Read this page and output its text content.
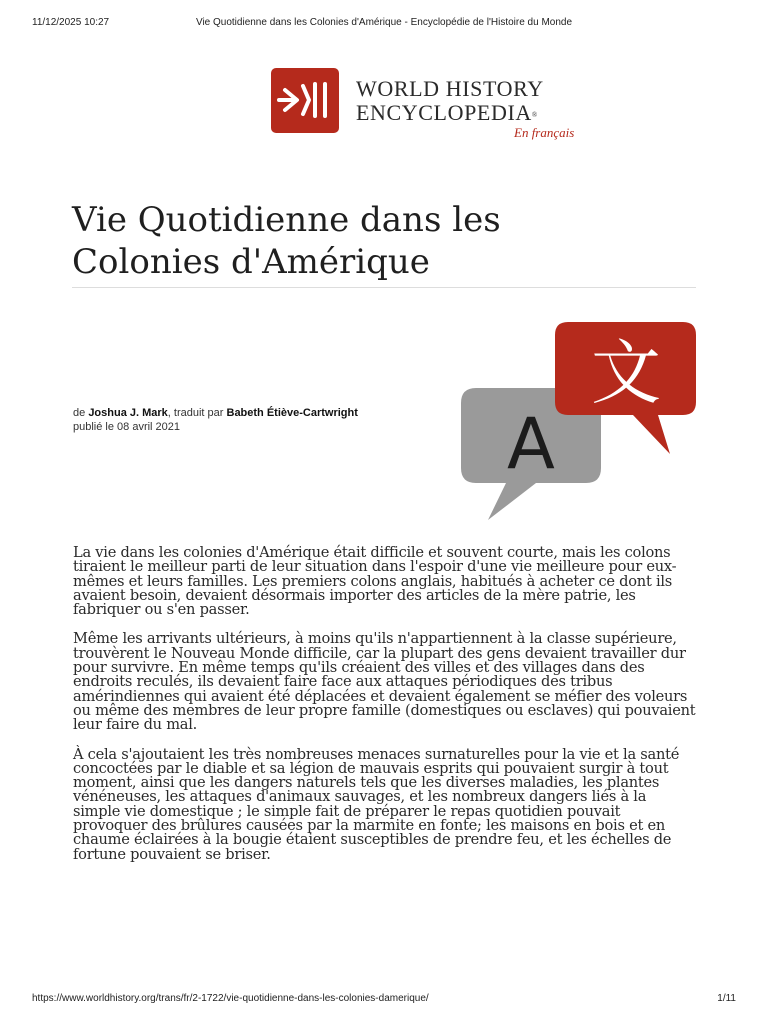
11/12/2025 10:27	Vie Quotidienne dans les Colonies d'Amérique - Encyclopédie de l'Histoire du Monde
WORLD HISTORY
ENCYCLOPEDIA®
En français
Vie Quotidienne dans les
Colonies d'Amérique
de Joshua J. Mark, traduit par Babeth Étiève-Cartwright
publié le 08 avril 2021	A
文

La vie dans les colonies d'Amérique était difficile et souvent courte, mais les colons tiraient le meilleur parti de leur situation dans l'espoir d'une vie meilleure pour eux-mêmes et leurs familles. Les premiers colons anglais, habitués à acheter ce dont ils avaient besoin, devaient désormais importer des articles de la mère patrie, les fabriquer ou s'en passer.

Même les arrivants ultérieurs, à moins qu'ils n'appartiennent à la classe supérieure, trouvèrent le Nouveau Monde difficile, car la plupart des gens devaient travailler dur pour survivre. En même temps qu'ils créaient des villes et des villages dans des endroits reculés, ils devaient faire face aux attaques périodiques des tribus amérindiennes qui avaient été déplacées et devaient également se méfier des voleurs ou même des membres de leur propre famille (domestiques ou esclaves) qui pouvaient leur faire du mal.

À cela s'ajoutaient les très nombreuses menaces surnaturelles pour la vie et la santé concoctées par le diable et sa légion de mauvais esprits qui pouvaient surgir à tout moment, ainsi que les dangers naturels tels que les diverses maladies, les plantes vénéneuses, les attaques d'animaux sauvages, et les nombreux dangers liés à la simple vie domestique ; le simple fait de préparer le repas quotidien pouvait provoquer des brûlures causées par la marmite en fonte; les maisons en bois et en chaume éclairées à la bougie étaient susceptibles de prendre feu, et les échelles de fortune pouvaient se briser.

https://www.worldhistory.org/trans/fr/2-1722/vie-quotidienne-dans-les-colonies-damerique/	1/11
